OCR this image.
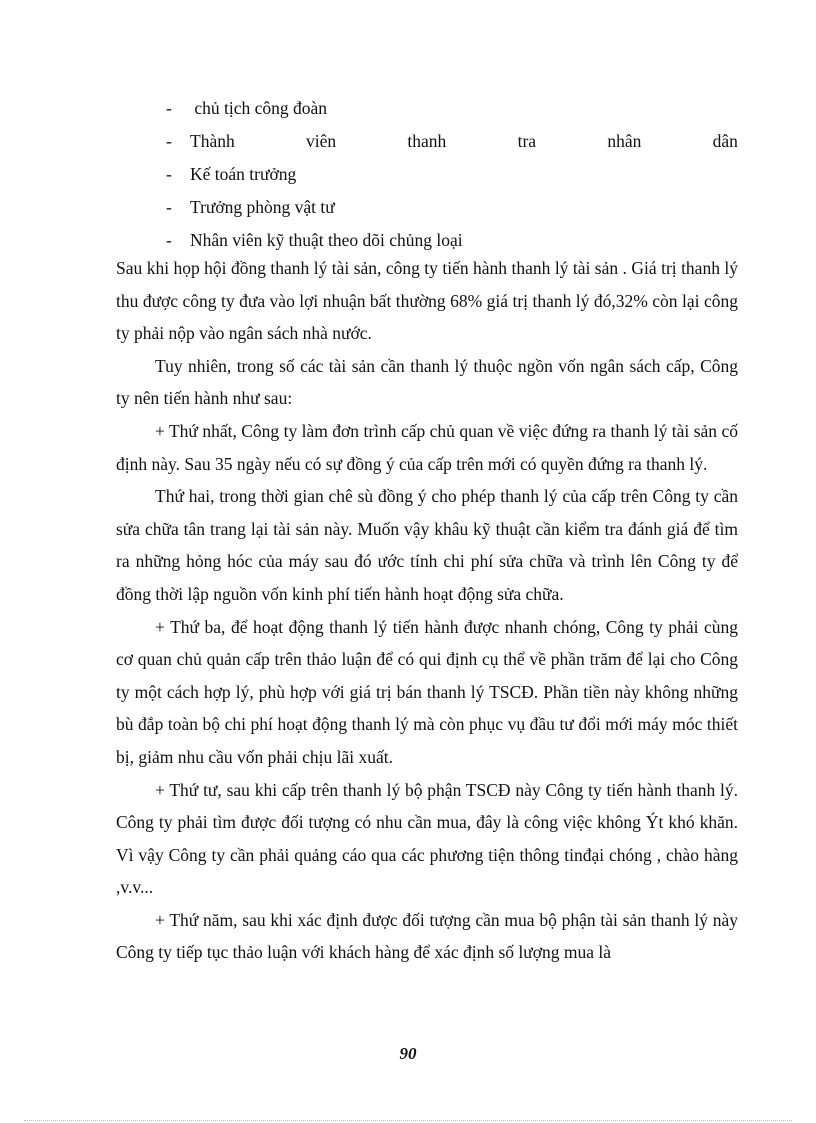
-	chủ tịch công đoàn
-	Thành	viên	thanh	tra	nhân	dân
-	Kế toán trưởng
-	Trưởng phòng vật tư
-	Nhân viên kỹ thuật theo dõi chủng loại

Sau khi họp hội đồng thanh lý tài sản, công ty tiến hành thanh lý tài sản . Giá trị thanh lý thu được công ty đưa vào lợi nhuận bất thường 68% giá trị thanh lý đó,32% còn lại công ty phải nộp vào ngân sách nhà nước.

Tuy nhiên, trong số các tài sản cần thanh lý thuộc ngồn vốn ngân sách cấp, Công ty nên tiến hành như sau:

+ Thứ nhất, Công ty làm đơn trình cấp chủ quan về việc đứng ra thanh lý tài sản cố định này. Sau 35 ngày nếu có sự đồng ý của cấp trên mới có quyền đứng ra thanh lý.

Thứ hai, trong thời gian chê sù đồng ý cho phép thanh lý của cấp trên Công ty cần sửa chữa tân trang lại tài sản này. Muốn vậy khâu kỹ thuật cần kiểm tra đánh giá để tìm ra những hỏng hóc của máy sau đó ước tính chi phí sửa chữa và trình lên Công ty để đồng thời lập nguồn vốn kinh phí tiến hành hoạt động sửa chữa.

+ Thứ ba, để hoạt động thanh lý tiến hành được nhanh chóng, Công ty phải cùng cơ quan chủ quản cấp trên thảo luận để có qui định cụ thể về phần trăm để lại cho Công ty một cách hợp lý, phù hợp với giá trị bán thanh lý TSCĐ. Phần tiền này không những bù đắp toàn bộ chi phí hoạt động thanh lý mà còn phục vụ đầu tư đổi mới máy móc thiết bị, giảm nhu cầu vốn phải chịu lãi xuất.

+ Thứ tư, sau khi cấp trên thanh lý bộ phận TSCĐ này Công ty tiến hành thanh lý. Công ty phải tìm được đối tượng có nhu cần mua, đây là công việc không Ýt khó khăn. Vì vậy Công ty cần phải quảng cáo qua các phương tiện thông tinđại chóng , chào hàng ,v.v...

+ Thứ năm, sau khi xác định được đối tượng cần mua bộ phận tài sản thanh lý này Công ty tiếp tục thảo luận với khách hàng để xác định số lượng mua là

90
